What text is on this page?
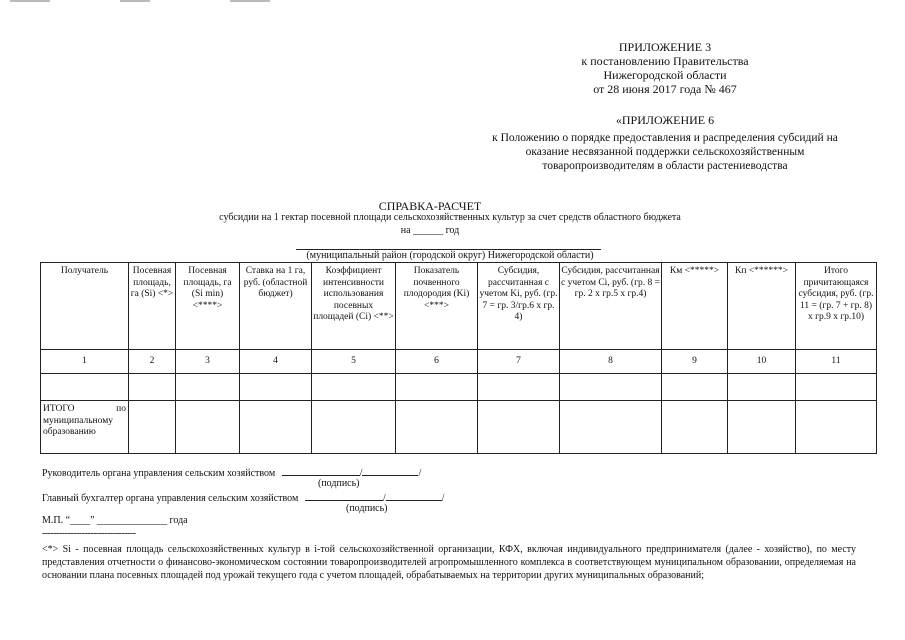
ПРИЛОЖЕНИЕ 3
к постановлению Правительства
Нижегородской области
от 28 июня 2017 года № 467
«ПРИЛОЖЕНИЕ 6
к Положению о порядке предоставления и распределения субсидий на
оказание несвязанной поддержки сельскохозяйственным
товаропроизводителям в области растениеводства
СПРАВКА-РАСЧЕТ
субсидии на 1 гектар посевной площади сельскохозяйственных культур за счет средств областного бюджета
на ______ год
(муниципальный район (городской округ) Нижегородской области)
Получатель	Посевная площадь, га (Si) <*>	Посевная площадь, га (Si min) <****>	Ставка на 1 га, руб. (областной бюджет)	Коэффициент интенсивности использования посевных площадей (Ci) <**>	Показатель почвенного плодородия (Ki) <***>	Субсидия, рассчитанная с учетом Ki, руб. (гр. 7 = гр. 3/гр.6 х гр. 4)	Субсидия, рассчитанная с учетом Ci, руб. (гр. 8 = гр. 2 х гр.5 х гр.4)	Км <*****>	Кп <******>	Итого причитающаяся субсидия, руб. (гр. 11 = (гр. 7 + гр. 8) х гр.9 х гр.10)
1	2	3	4	5	6	7	8	9	10	11

ИТОГО по муниципальному образованию										
Руководитель органа управления сельским хозяйством	/	/
(подпись)
Главный бухгалтер органа управления сельским хозяйством	/	/
(подпись)
М.П. “____” ______________ года
---------------------------------
<*> Si - посевная площадь сельскохозяйственных культур в i-той сельскохозяйственной организации, КФХ, включая индивидуального предпринимателя (далее - хозяйство), по месту представления отчетности о финансово-экономическом состоянии товаропроизводителей агропромышленного комплекса в соответствующем муниципальном образовании, определяемая на основании плана посевных площадей под урожай текущего года с учетом площадей, обрабатываемых на территории других муниципальных образований;
